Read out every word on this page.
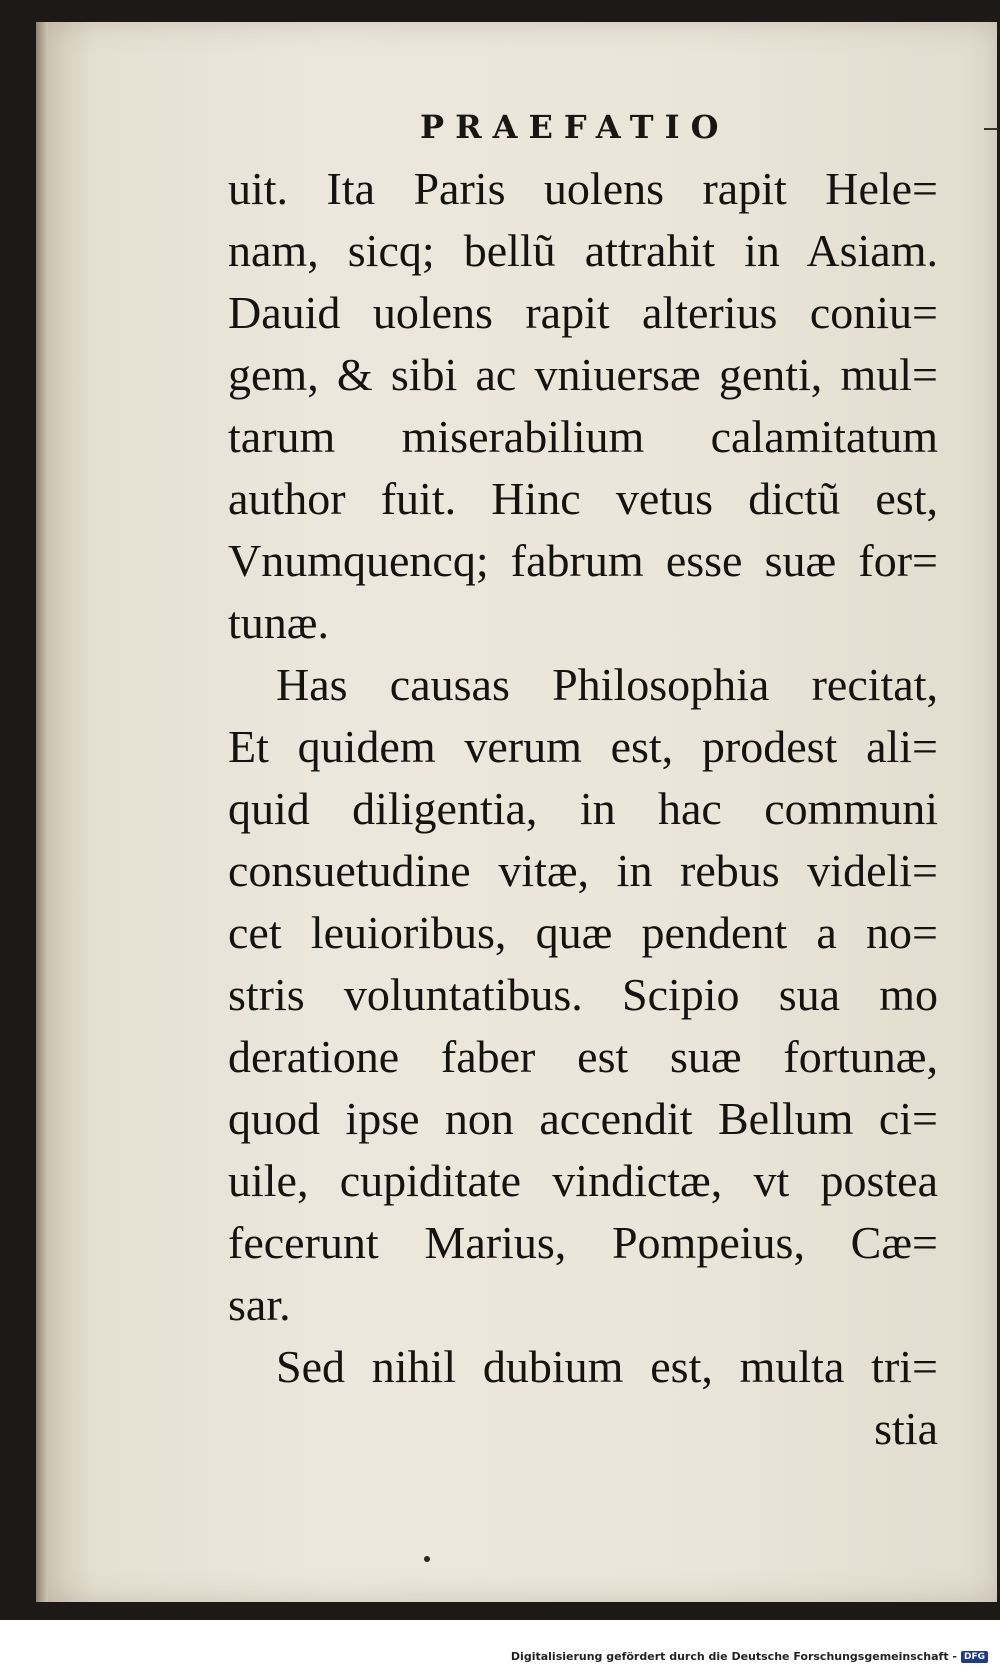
PRAEFATIO
uit. Ita Paris uolens rapit Hele=
nam, sicq; bellũ attrahit in Asiam.
Dauid uolens rapit alterius coniu=
gem, & sibi ac vniuersæ genti, mul=
tarum miserabilium calamitatum
author fuit. Hinc vetus dictũ est,
Vnumquencq; fabrum esse suæ for=
tunæ.
Has causas Philosophia recitat,
Et quidem verum est, prodest ali=
quid diligentia, in hac communi
consuetudine vitæ, in rebus videli=
cet leuioribus, quæ pendent a no=
stris voluntatibus. Scipio sua mo
deratione faber est suæ fortunæ,
quod ipse non accendit Bellum ci=
uile, cupiditate vindictæ, vt postea
fecerunt Marius, Pompeius, Cæ=
sar.
Sed nihil dubium est, multa tri=
stia
Digitalisierung gefördert durch die Deutsche Forschungsgemeinschaft - DFG
